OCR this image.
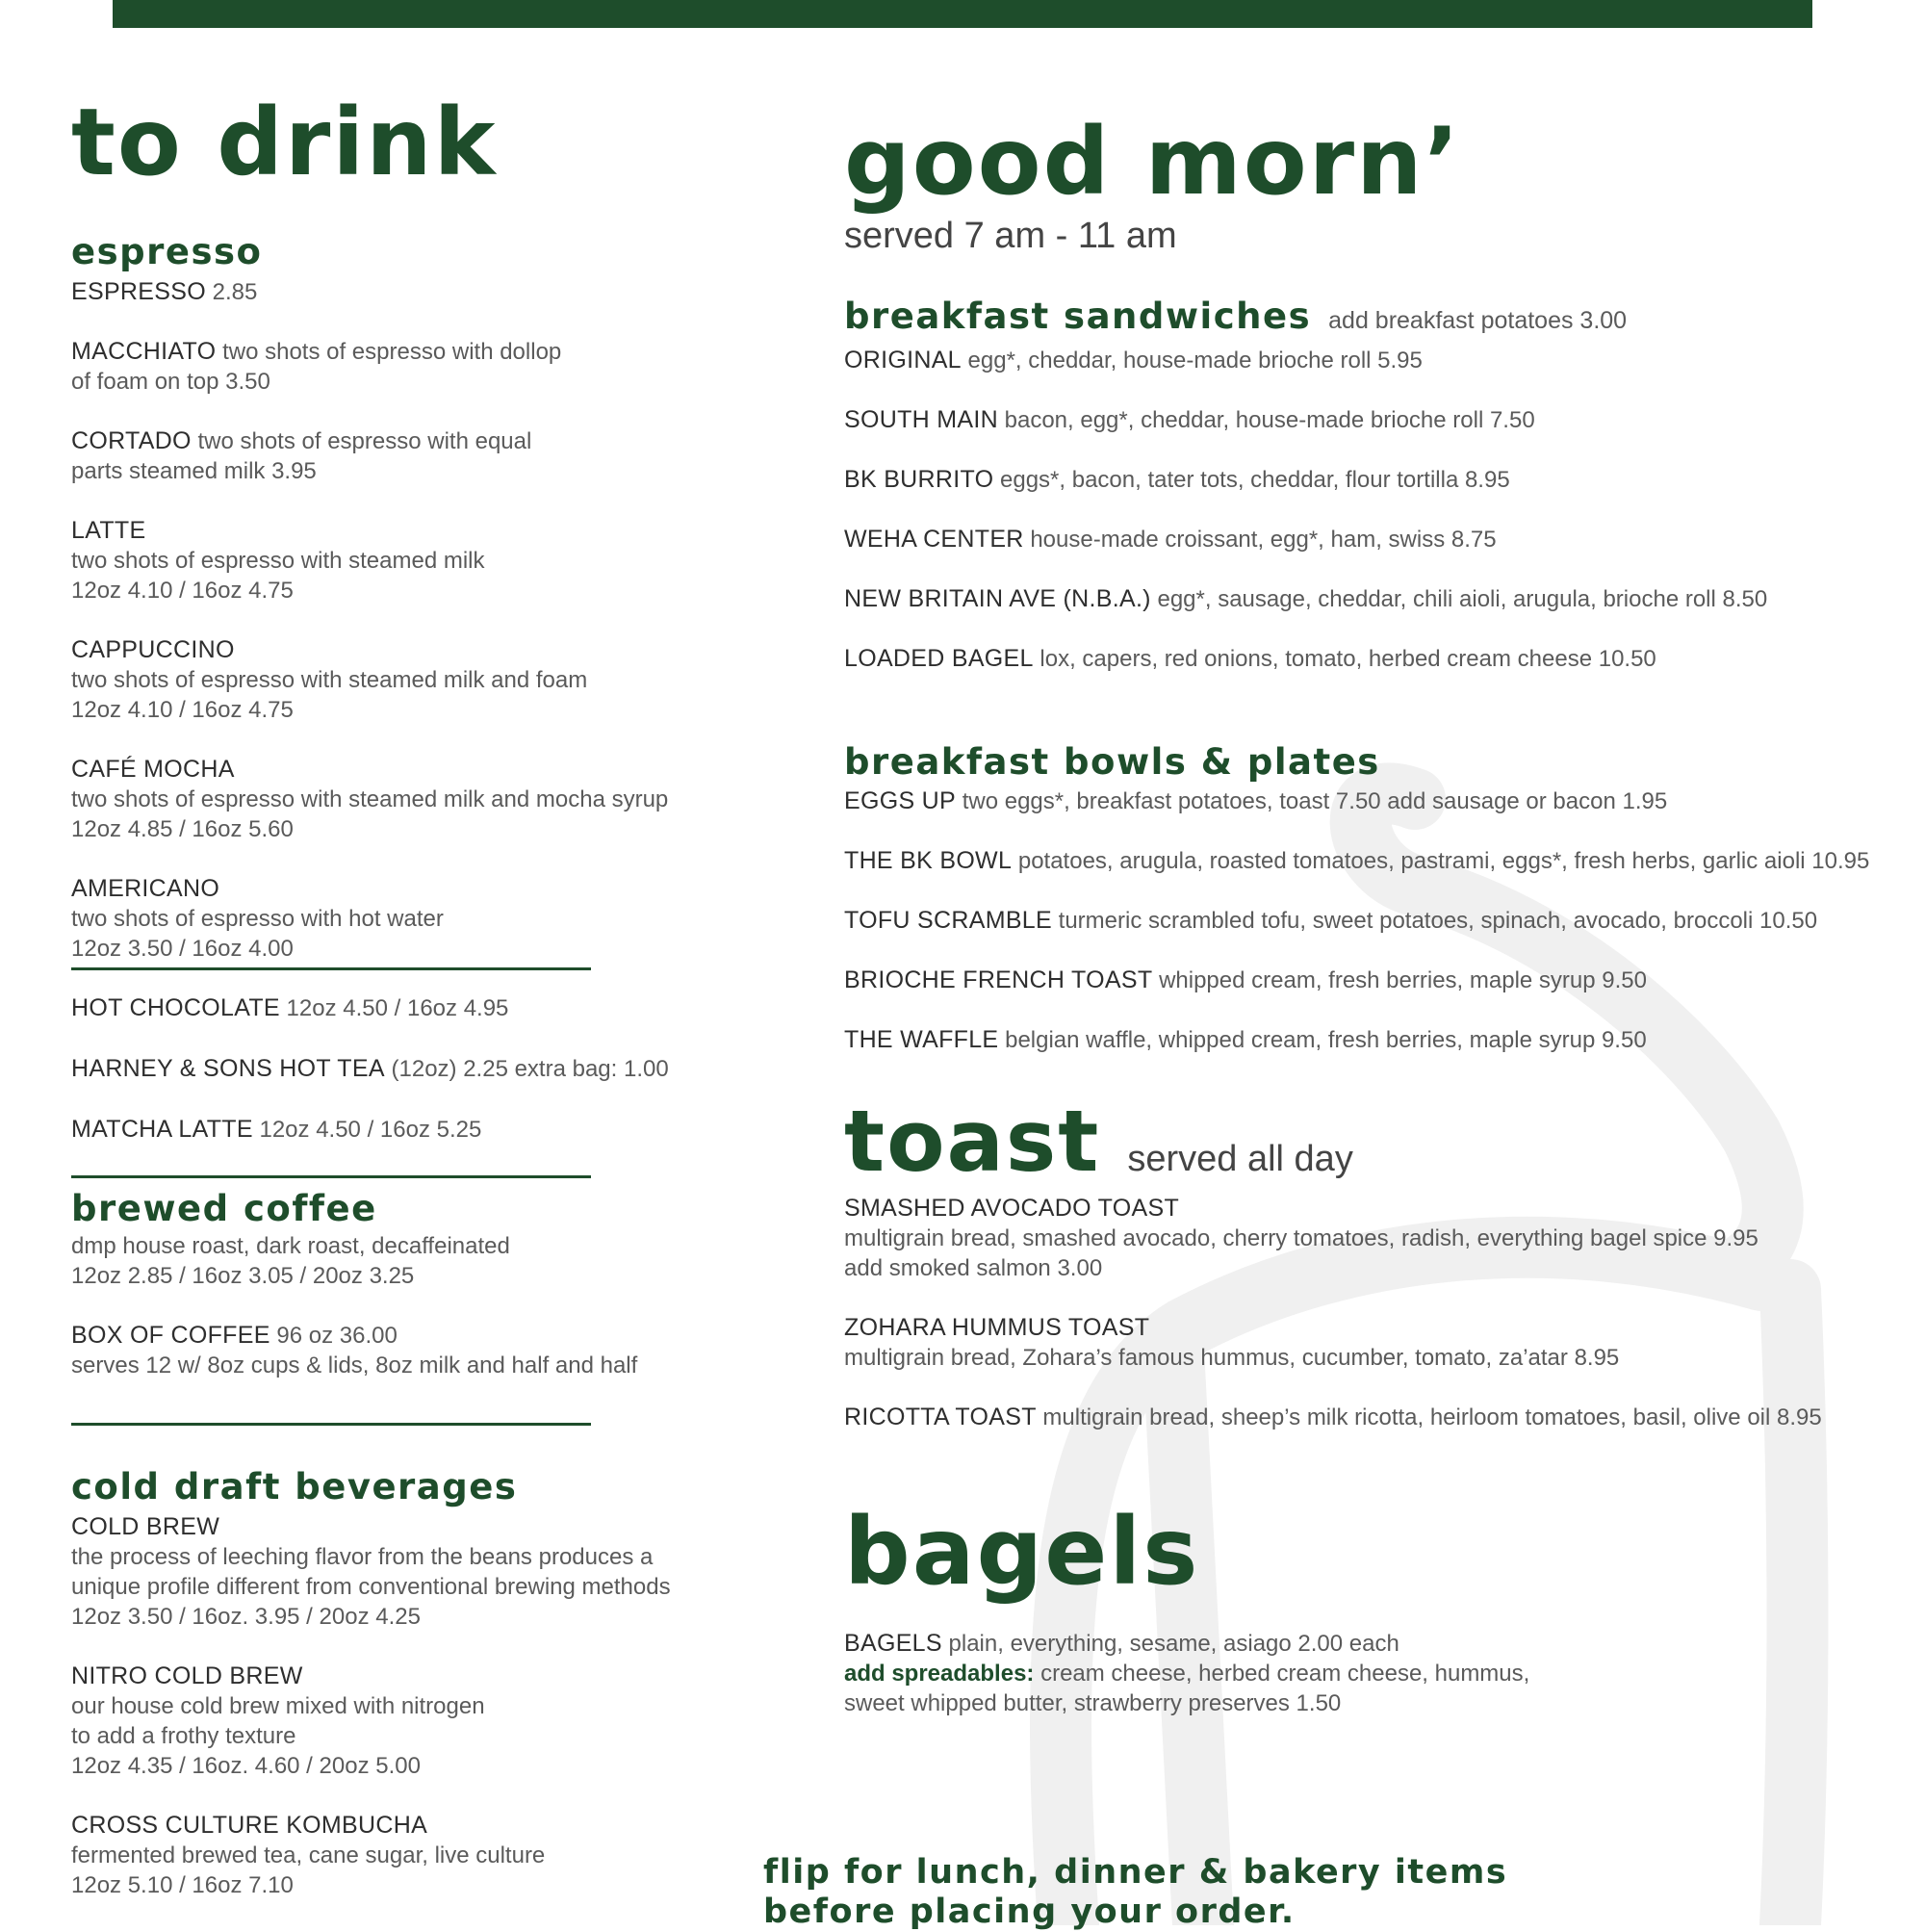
to drink
espresso
ESPRESSO 2.85
MACCHIATO two shots of espresso with dollop
of foam on top 3.50
CORTADO two shots of espresso with equal
parts steamed milk 3.95
LATTE
two shots of espresso with steamed milk
12oz 4.10 / 16oz 4.75
CAPPUCCINO
two shots of espresso with steamed milk and foam
12oz 4.10 / 16oz 4.75
CAFÉ MOCHA
two shots of espresso with steamed milk and mocha syrup
12oz 4.85 / 16oz 5.60
AMERICANO
two shots of espresso with hot water
12oz 3.50 / 16oz 4.00
HOT CHOCOLATE 12oz 4.50 / 16oz 4.95
HARNEY & SONS HOT TEA (12oz) 2.25 extra bag: 1.00
MATCHA LATTE 12oz 4.50 / 16oz 5.25
brewed coffee
dmp house roast, dark roast, decaffeinated
12oz 2.85 / 16oz 3.05 / 20oz 3.25
BOX OF COFFEE 96 oz 36.00
serves 12 w/ 8oz cups & lids, 8oz milk and half and half
cold draft beverages
COLD BREW
the process of leeching flavor from the beans produces a
unique profile different from conventional brewing methods
12oz 3.50 / 16oz. 3.95 / 20oz 4.25
NITRO COLD BREW
our house cold brew mixed with nitrogen
to add a frothy texture
12oz 4.35 / 16oz. 4.60 / 20oz 5.00
CROSS CULTURE KOMBUCHA
fermented brewed tea, cane sugar, live culture
12oz 5.10 / 16oz 7.10
good morn’
served 7 am - 11 am
breakfast sandwiches add breakfast potatoes 3.00
ORIGINAL egg*, cheddar, house-made brioche roll 5.95
SOUTH MAIN bacon, egg*, cheddar, house-made brioche roll 7.50
BK BURRITO eggs*, bacon, tater tots, cheddar, flour tortilla 8.95
WEHA CENTER house-made croissant, egg*, ham, swiss 8.75
NEW BRITAIN AVE (N.B.A.) egg*, sausage, cheddar, chili aioli, arugula, brioche roll 8.50
LOADED BAGEL lox, capers, red onions, tomato, herbed cream cheese 10.50
breakfast bowls & plates
EGGS UP two eggs*, breakfast potatoes, toast 7.50 add sausage or bacon 1.95
THE BK BOWL potatoes, arugula, roasted tomatoes, pastrami, eggs*, fresh herbs, garlic aioli 10.95
TOFU SCRAMBLE turmeric scrambled tofu, sweet potatoes, spinach, avocado, broccoli 10.50
BRIOCHE FRENCH TOAST whipped cream, fresh berries, maple syrup 9.50
THE WAFFLE belgian waffle, whipped cream, fresh berries, maple syrup 9.50
toast served all day
SMASHED AVOCADO TOAST
multigrain bread, smashed avocado, cherry tomatoes, radish, everything bagel spice 9.95
add smoked salmon 3.00
ZOHARA HUMMUS TOAST
multigrain bread, Zohara’s famous hummus, cucumber, tomato, za’atar 8.95
RICOTTA TOAST multigrain bread, sheep’s milk ricotta, heirloom tomatoes, basil, olive oil 8.95
bagels
BAGELS plain, everything, sesame, asiago 2.00 each
add spreadables: cream cheese, herbed cream cheese, hummus,
sweet whipped butter, strawberry preserves 1.50
flip for lunch, dinner & bakery items
before placing your order.
